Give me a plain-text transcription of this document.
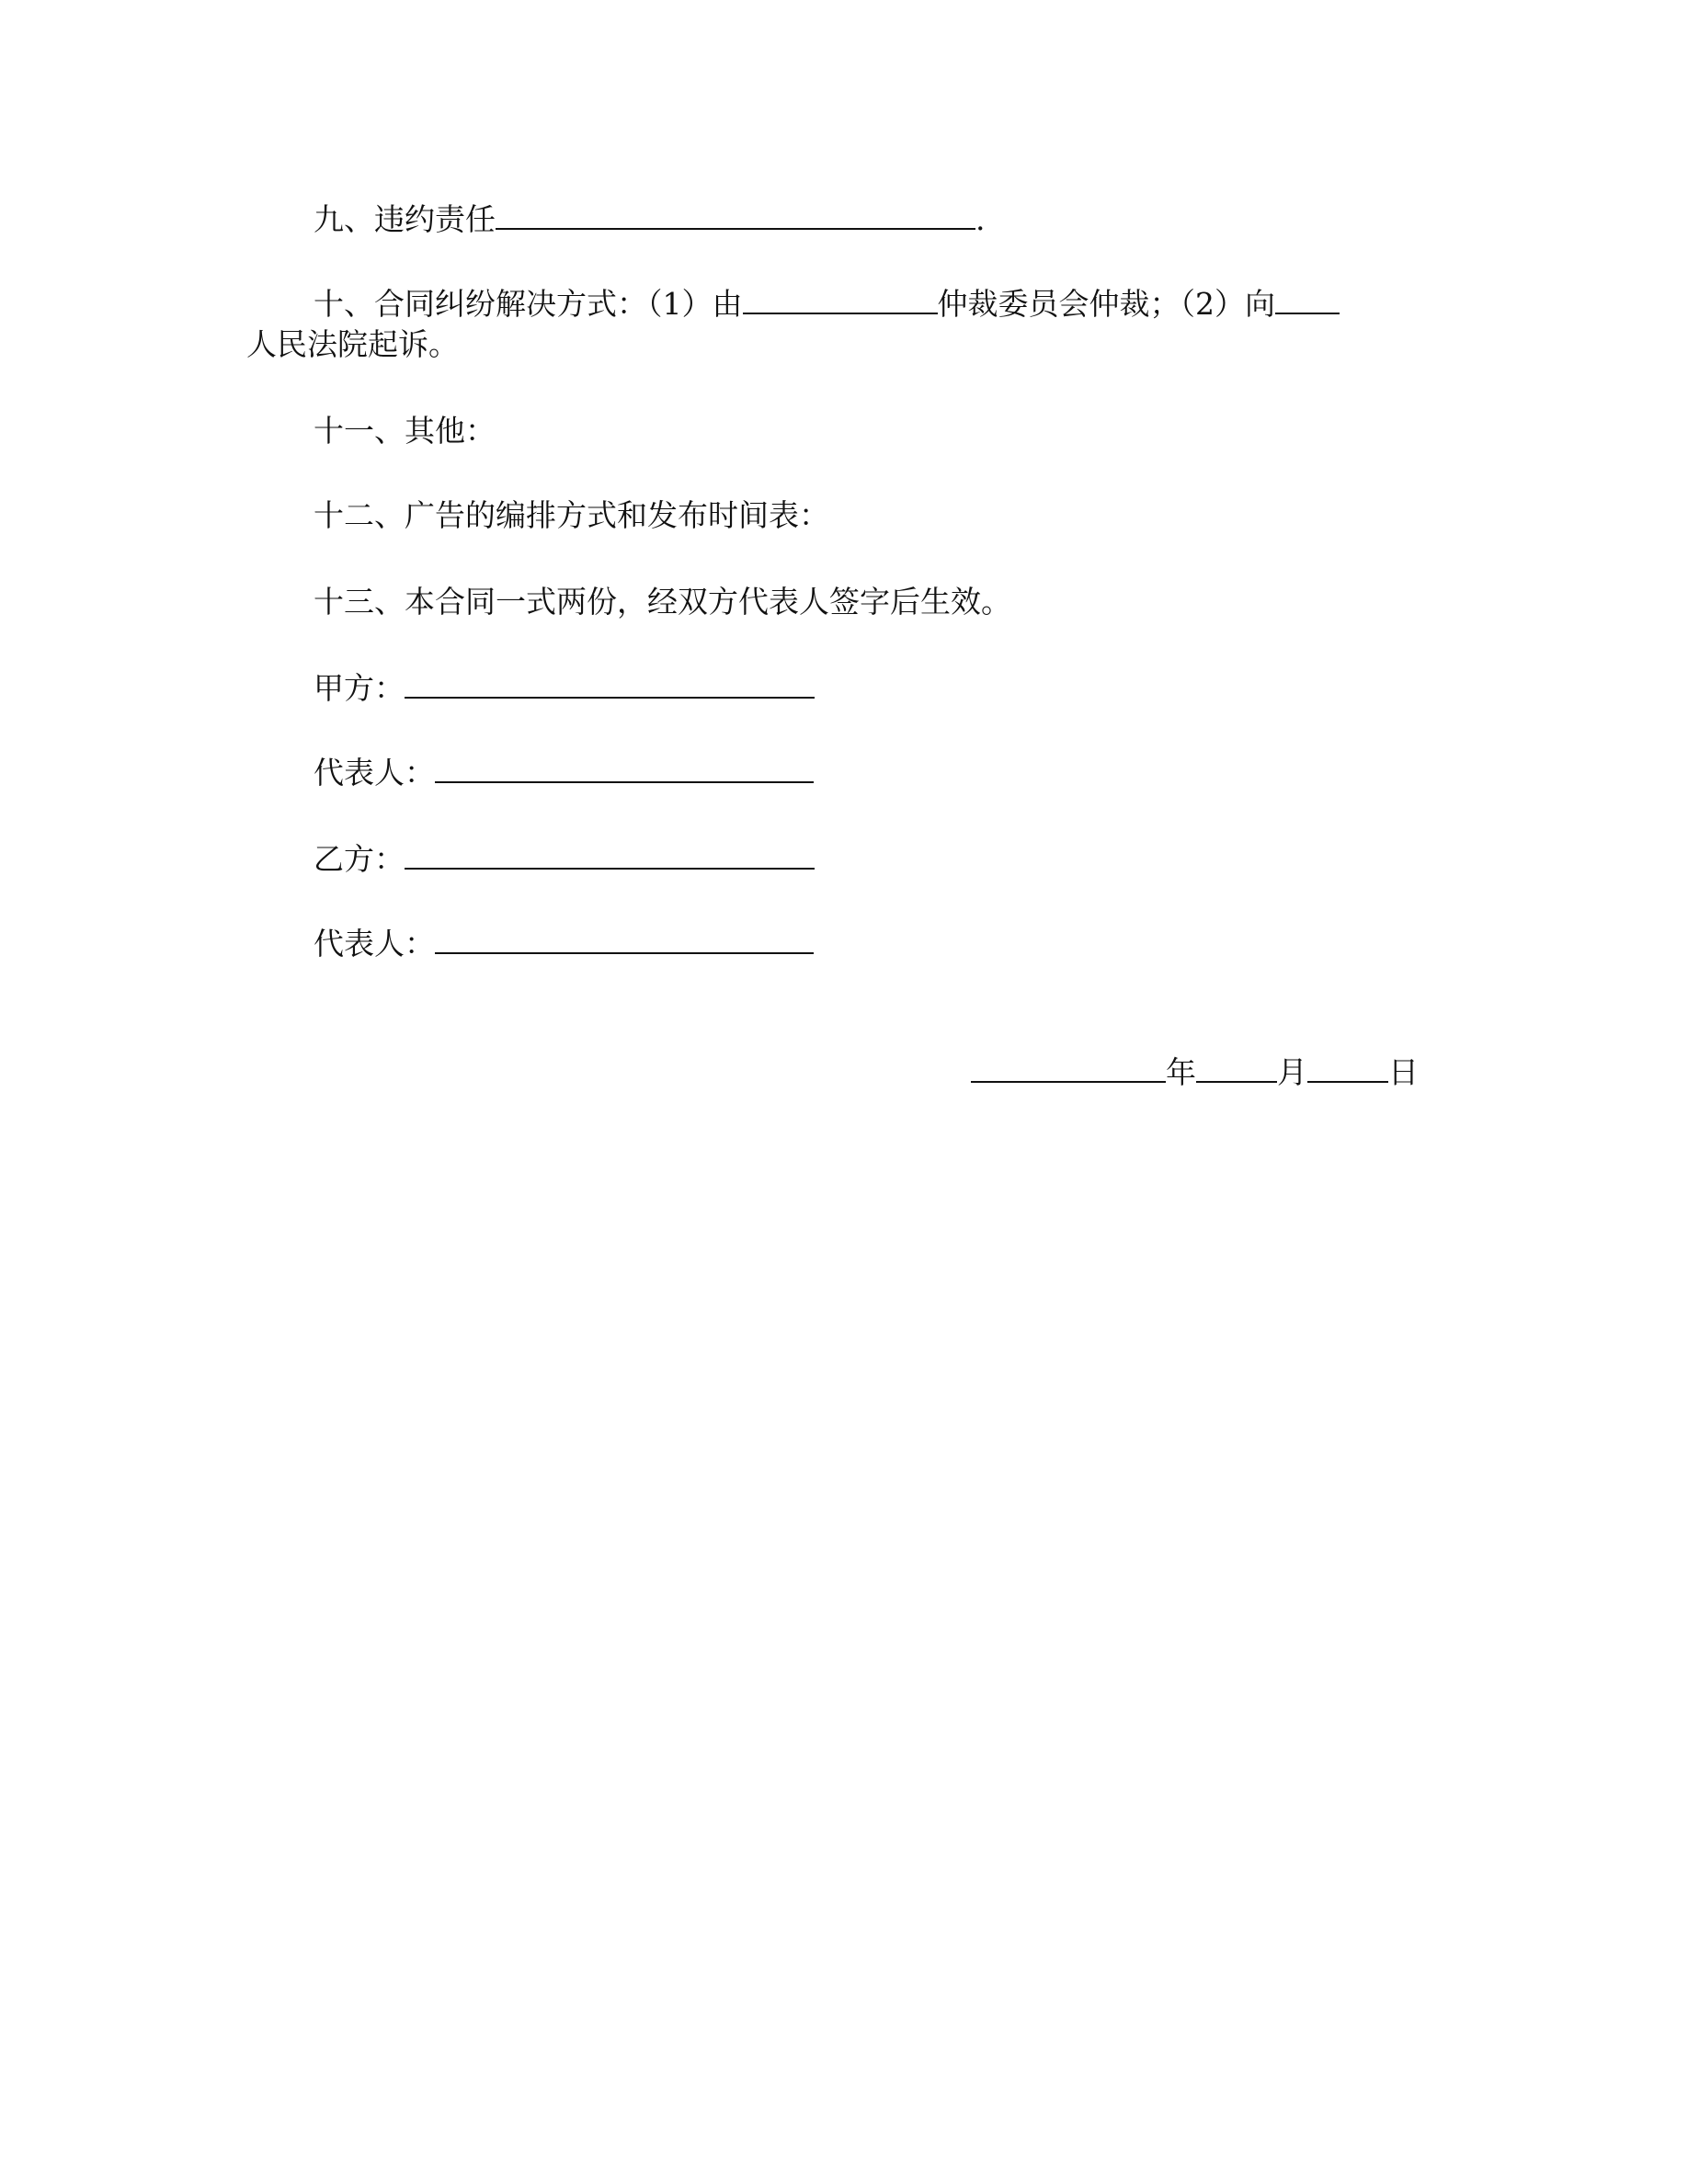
九、违约责任	.
十、合同纠纷解决方式：（1）由	仲裁委员会仲裁；（2）向
人民法院起诉。
十一、其他：
十二、广告的编排方式和发布时间表：
十三、本合同一式两份，经双方代表人签字后生效。
甲方：
代表人：
乙方：
代表人：
年	月	日
